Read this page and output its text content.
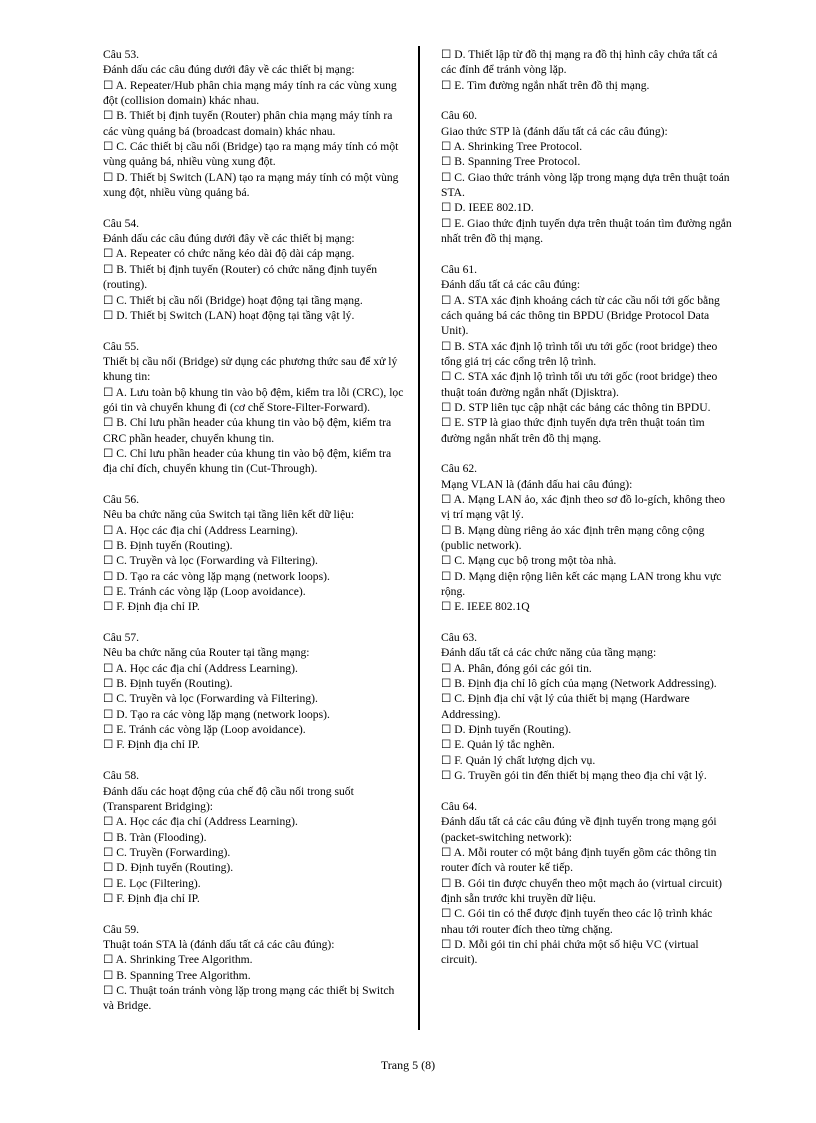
Câu 53.
Đánh dấu các câu đúng dưới đây về các thiết bị mạng:
☐ A. Repeater/Hub phân chia mạng máy tính ra các vùng xung đột (collision domain) khác nhau.
☐ B. Thiết bị định tuyến (Router) phân chia mạng máy tính ra các vùng quảng bá (broadcast domain) khác nhau.
☐ C. Các thiết bị cầu nối (Bridge) tạo ra mạng máy tính có một vùng quảng bá, nhiều vùng xung đột.
☐ D. Thiết bị Switch (LAN) tạo ra mạng máy tính có một vùng xung đột, nhiều vùng quảng bá.
Câu 54.
Đánh dấu các câu đúng dưới đây về các thiết bị mạng:
☐ A. Repeater có chức năng kéo dài độ dài cáp mạng.
☐ B. Thiết bị định tuyến (Router) có chức năng định tuyến (routing).
☐ C. Thiết bị cầu nối (Bridge) hoạt động tại tầng mạng.
☐ D. Thiết bị Switch (LAN) hoạt động tại tầng vật lý.
Câu 55.
Thiết bị cầu nối (Bridge) sử dụng các phương thức sau để xử lý khung tin:
☐ A. Lưu toàn bộ khung tin vào bộ đệm, kiểm tra lỗi (CRC), lọc gói tin và chuyển khung đi (cơ chế Store-Filter-Forward).
☐ B. Chỉ lưu phần header của khung tin vào bộ đệm, kiểm tra CRC phần header, chuyển khung tin.
☐ C. Chỉ lưu phần header của khung tin vào bộ đệm, kiểm tra địa chỉ đích, chuyển khung tin (Cut-Through).
Câu 56.
Nêu ba chức năng của Switch tại tầng liên kết dữ liệu:
☐ A. Học các địa chỉ (Address Learning).
☐ B. Định tuyến (Routing).
☐ C. Truyền và lọc (Forwarding và Filtering).
☐ D. Tạo ra các vòng lặp mạng (network loops).
☐ E. Tránh các vòng lặp (Loop avoidance).
☐ F. Định địa chỉ IP.
Câu 57.
Nêu ba chức năng của Router tại tầng mạng:
☐ A. Học các địa chỉ (Address Learning).
☐ B. Định tuyến (Routing).
☐ C. Truyền và lọc (Forwarding và Filtering).
☐ D. Tạo ra các vòng lặp mạng (network loops).
☐ E. Tránh các vòng lặp (Loop avoidance).
☐ F. Định địa chỉ IP.
Câu 58.
Đánh dấu các hoạt động của chế độ cầu nối trong suốt (Transparent Bridging):
☐ A. Học các địa chỉ (Address Learning).
☐ B. Tràn (Flooding).
☐ C. Truyền (Forwarding).
☐ D. Định tuyến (Routing).
☐ E. Lọc (Filtering).
☐ F. Định địa chỉ IP.
Câu 59.
Thuật toán STA là (đánh dấu tất cả các câu đúng):
☐ A. Shrinking Tree Algorithm.
☐ B. Spanning Tree Algorithm.
☐ C. Thuật toán tránh vòng lặp trong mạng các thiết bị Switch và Bridge.
☐ D. Thiết lập từ đồ thị mạng ra đồ thị hình cây chứa tất cả các đỉnh để tránh vòng lặp.
☐ E. Tìm đường ngắn nhất trên đồ thị mạng.
Câu 60.
Giao thức STP là (đánh dấu tất cả các câu đúng):
☐ A. Shrinking Tree Protocol.
☐ B. Spanning Tree Protocol.
☐ C. Giao thức tránh vòng lặp trong mạng dựa trên thuật toán STA.
☐ D. IEEE 802.1D.
☐ E. Giao thức định tuyến dựa trên thuật toán tìm đường ngắn nhất trên đồ thị mạng.
Câu 61.
Đánh dấu tất cả các câu đúng:
☐ A. STA xác định khoảng cách từ các cầu nối tới gốc bằng cách quảng bá các thông tin BPDU (Bridge Protocol Data Unit).
☐ B. STA xác định lộ trình tối ưu tới gốc (root bridge) theo tổng giá trị các cổng trên lộ trình.
☐ C. STA xác định lộ trình tối ưu tới gốc (root bridge) theo thuật toán đường ngắn nhất (Djisktra).
☐ D. STP liên tục cập nhật các bảng các thông tin BPDU.
☐ E. STP là giao thức định tuyến dựa trên thuật toán tìm đường ngắn nhất trên đồ thị mạng.
Câu 62.
Mạng VLAN là (đánh dấu hai câu đúng):
☐ A. Mạng LAN ảo, xác định theo sơ đồ lo-gích, không theo vị trí mạng vật lý.
☐ B. Mạng dùng riêng ảo xác định trên mạng công cộng (public network).
☐ C. Mạng cục bộ trong một tòa nhà.
☐ D. Mạng diện rộng liên kết các mạng LAN trong khu vực rộng.
☐ E. IEEE 802.1Q
Câu 63.
Đánh dấu tất cả các chức năng của tầng mạng:
☐ A. Phân, đóng gói các gói tin.
☐ B. Định địa chỉ lô gích của mạng (Network Addressing).
☐ C. Định địa chỉ vật lý của thiết bị mạng (Hardware Addressing).
☐ D. Định tuyến (Routing).
☐ E. Quản lý tắc nghẽn.
☐ F. Quản lý chất lượng dịch vụ.
☐ G. Truyền gói tin đến thiết bị mạng theo địa chỉ vật lý.
Câu 64.
Đánh dấu tất cả các câu đúng về định tuyến trong mạng gói (packet-switching network):
☐ A. Mỗi router có một bảng định tuyến gồm các thông tin router đích và router kế tiếp.
☐ B. Gói tin được chuyển theo một mạch ảo (virtual circuit) định sẵn trước khi truyền dữ liệu.
☐ C. Gói tin có thể được định tuyến theo các lộ trình khác nhau tới router đích theo từng chặng.
☐ D. Mỗi gói tin chỉ phải chứa một số hiệu VC (virtual circuit).
Trang 5 (8)
